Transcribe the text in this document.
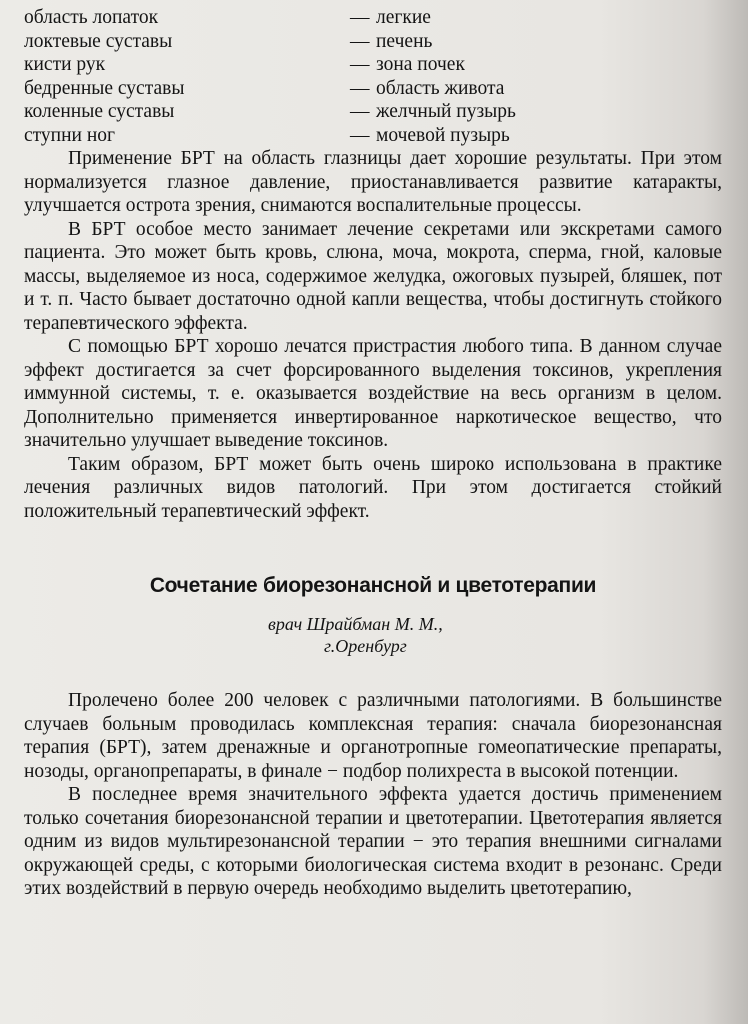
область лопаток	— легкие
локтевые суставы	— печень
кисти рук	— зона почек
бедренные суставы	— область живота
коленные суставы	— желчный пузырь
ступни ног	— мочевой пузырь

Применение БРТ на область глазницы дает хорошие результаты. При этом нормализуется глазное давление, приостанавливается развитие катаракты, улучшается острота зрения, снимаются воспалительные процессы.

В БРТ особое место занимает лечение секретами или экскретами самого пациента. Это может быть кровь, слюна, моча, мокрота, сперма, гной, каловые массы, выделяемое из носа, содержимое желудка, ожоговых пузырей, бляшек, пот и т. п. Часто бывает достаточно одной капли вещества, чтобы достигнуть стойкого терапевтического эффекта.

С помощью БРТ хорошо лечатся пристрастия любого типа. В данном случае эффект достигается за счет форсированного выделения токсинов, укрепления иммунной системы, т. е. оказывается воздействие на весь организм в целом. Дополнительно применяется инвертированное наркотическое вещество, что значительно улучшает выведение токсинов.

Таким образом, БРТ может быть очень широко использована в практике лечения различных видов патологий. При этом достигается стойкий положительный терапевтический эффект.

Сочетание биорезонансной и цветотерапии
врач Шрайбман М. М.,
г.Оренбург

Пролечено более 200 человек с различными патологиями. В большинстве случаев больным проводилась комплексная терапия: сначала биорезонансная терапия (БРТ), затем дренажные и органотропные гомеопатические препараты, нозоды, органопрепараты, в финале − подбор полихреста в высокой потенции.

В последнее время значительного эффекта удается достичь применением только сочетания биорезонансной терапии и цветотерапии. Цветотерапия является одним из видов мультирезонансной терапии − это терапия внешними сигналами окружающей среды, с которыми биологическая система входит в резонанс. Среди этих воздействий в первую очередь необходимо выделить цветотерапию,
